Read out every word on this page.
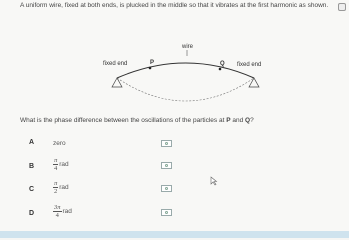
A uniform wire, fixed at both ends, is plucked in the middle so that it vibrates at the first harmonic as shown.
wire
fixed end	fixed end
P	Q
What is the phase difference between the oscillations of the particles at P and Q?
A	zero
B	$\frac{\pi}{4}$ rad
C	$\frac{\pi}{2}$ rad
D	$\frac{3\pi}{4}$ rad
